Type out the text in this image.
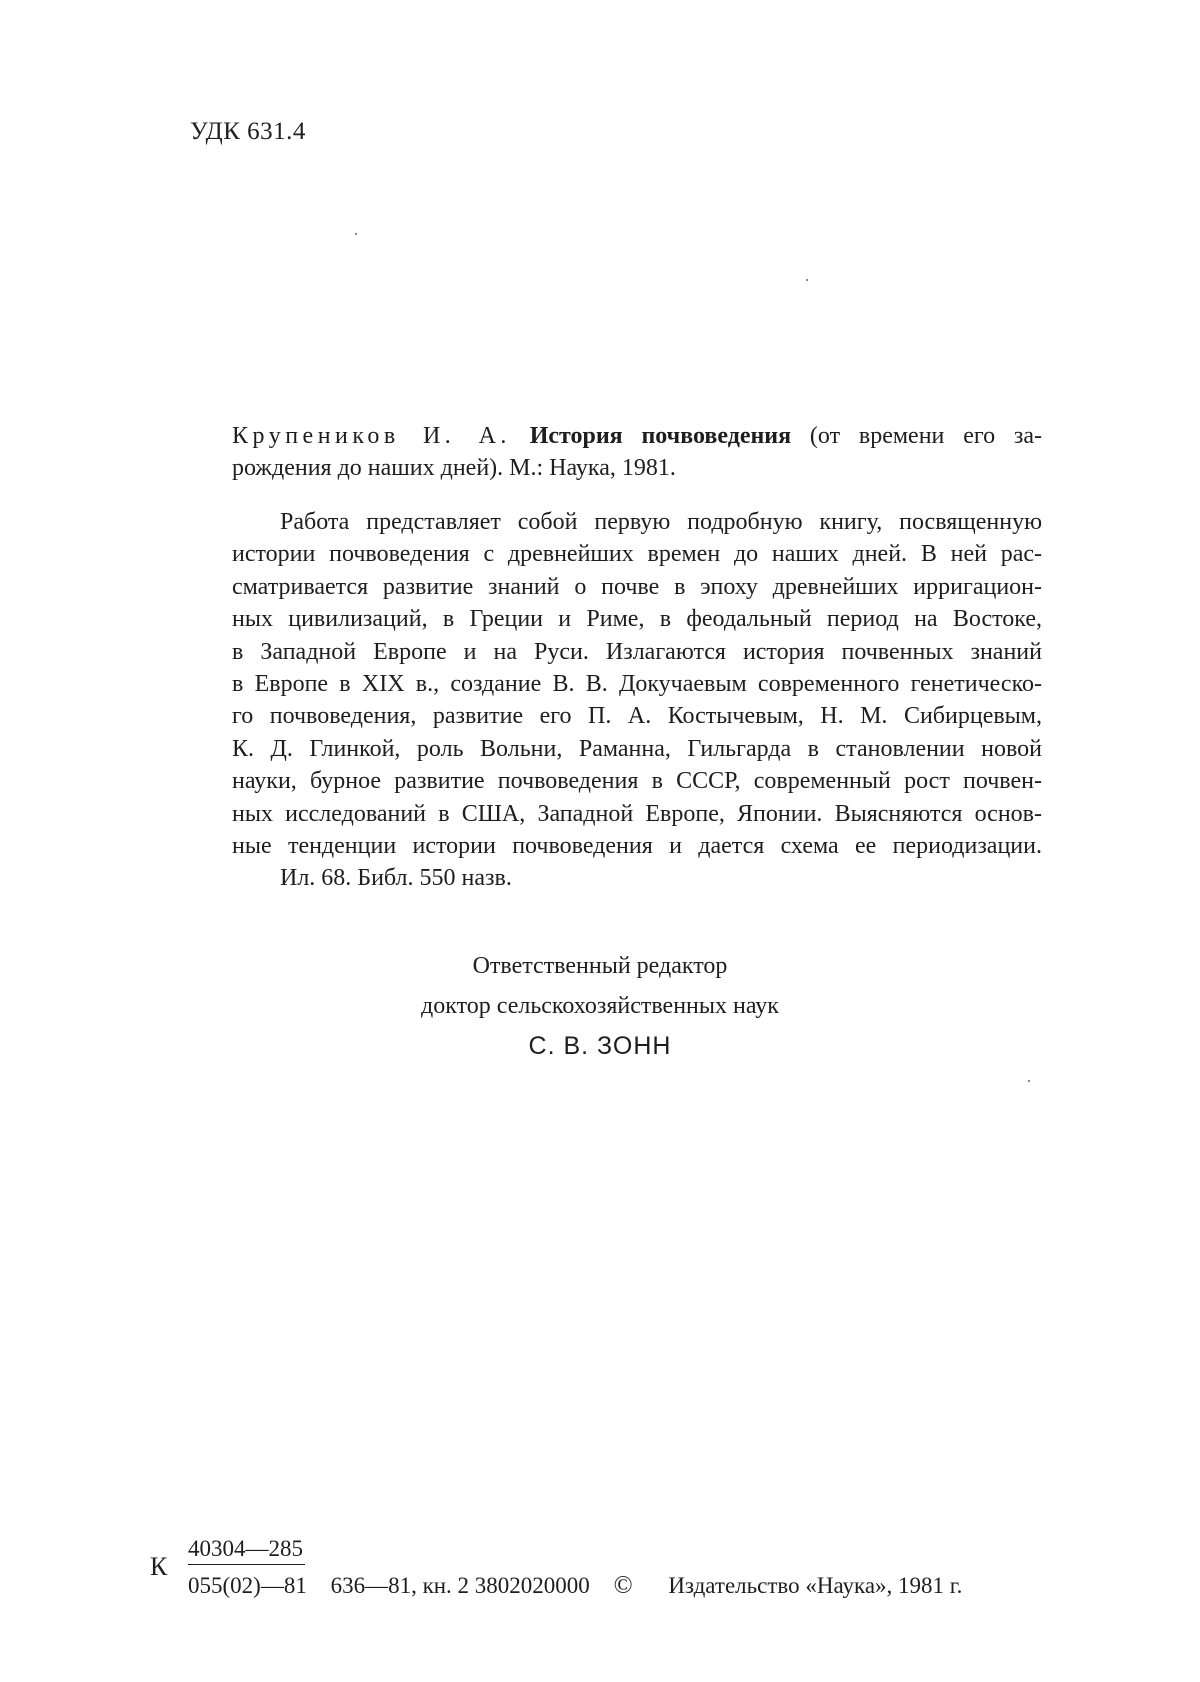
УДК 631.4
Крупеников И. А. История почвоведения (от времени его за-
рождения до наших дней). М.: Наука, 1981.
Работа представляет собой первую подробную книгу, посвященную
истории почвоведения с древнейших времен до наших дней. В ней рас-
сматривается развитие знаний о почве в эпоху древнейших ирригацион-
ных цивилизаций, в Греции и Риме, в феодальный период на Востоке,
в Западной Европе и на Руси. Излагаются история почвенных знаний
в Европе в XIX в., создание В. В. Докучаевым современного генетическо-
го почвоведения, развитие его П. А. Костычевым, Н. М. Сибирцевым,
К. Д. Глинкой, роль Вольни, Раманна, Гильгарда в становлении новой
науки, бурное развитие почвоведения в СССР, современный рост почвен-
ных исследований в США, Западной Европе, Японии. Выясняются основ-
ные тенденции истории почвоведения и дается схема ее периодизации.
Ил. 68. Библ. 550 назв.
Ответственный редактор
доктор сельскохозяйственных наук
С. В. ЗОНН
К
40304—285
055(02)—81 636—81, кн. 2 3802020000 © Издательство «Наука», 1981 г.
